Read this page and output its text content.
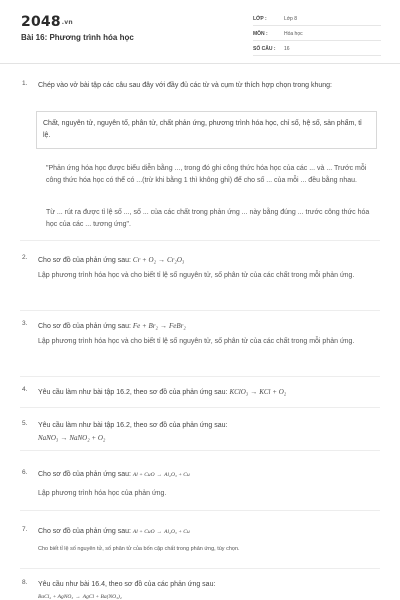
2048.vn
Bài 16: Phương trình hóa học
LỚP :	Lớp 8
MÔN :	Hóa học
SỐ CÂU : 16
1. Chép vào vở bài tập các câu sau đây với đầy đủ các từ và cụm từ thích hợp chọn trong khung:
Chất, nguyên tử, nguyên tố, phân tử, chất phản ứng, phương trình hóa học, chỉ số, hệ số, sản phẩm, tỉ lệ.
"Phản ứng hóa học được biểu diễn bằng ..., trong đó ghi công thức hóa học của các ... và ... Trước mỗi công thức hóa học có thể có ...(trừ khi bằng 1 thì không ghi) để cho số ... của mỗi ... đều bằng nhau.
Từ ... rút ra được tỉ lệ số ..., số ... của các chất trong phản ứng ... này bằng đúng ... trước công thức hóa học của các ... tương ứng".
2. Cho sơ đồ của phản ứng sau: Cr + O₂ → Cr₂O₃
Lập phương trình hóa học và cho biết tỉ lệ số nguyên tử, số phân tử của các chất trong mỗi phản ứng.
3. Cho sơ đồ của phản ứng sau: Fe + Br₂ → FeBr₂
Lập phương trình hóa học và cho biết tỉ lệ số nguyên tử, số phân tử của các chất trong mỗi phản ứng.
4. Yêu cầu làm như bài tập 16.2, theo sơ đồ của phản ứng sau: KClO₃ → KCl + O₂
5. Yêu cầu làm như bài tập 16.2, theo sơ đồ của phản ứng sau:
NaNO₃ → NaNO₂ + O₂
6. Cho sơ đồ của phản ứng sau: Al + CuO → Al₂O₃ + Cu
Lập phương trình hóa học của phản ứng.
7. Cho sơ đồ của phản ứng sau: Al + CuO → Al₂O₃ + Cu
Cho biết tỉ lệ số nguyên tử, số phân tử của bốn cặp chất trong phản ứng, tùy chọn.
8. Yêu cầu như bài 16.4, theo sơ đồ của các phản ứng sau:
BaCl₂ + AgNO₃ → AgCl + Ba(NO₃)₂
